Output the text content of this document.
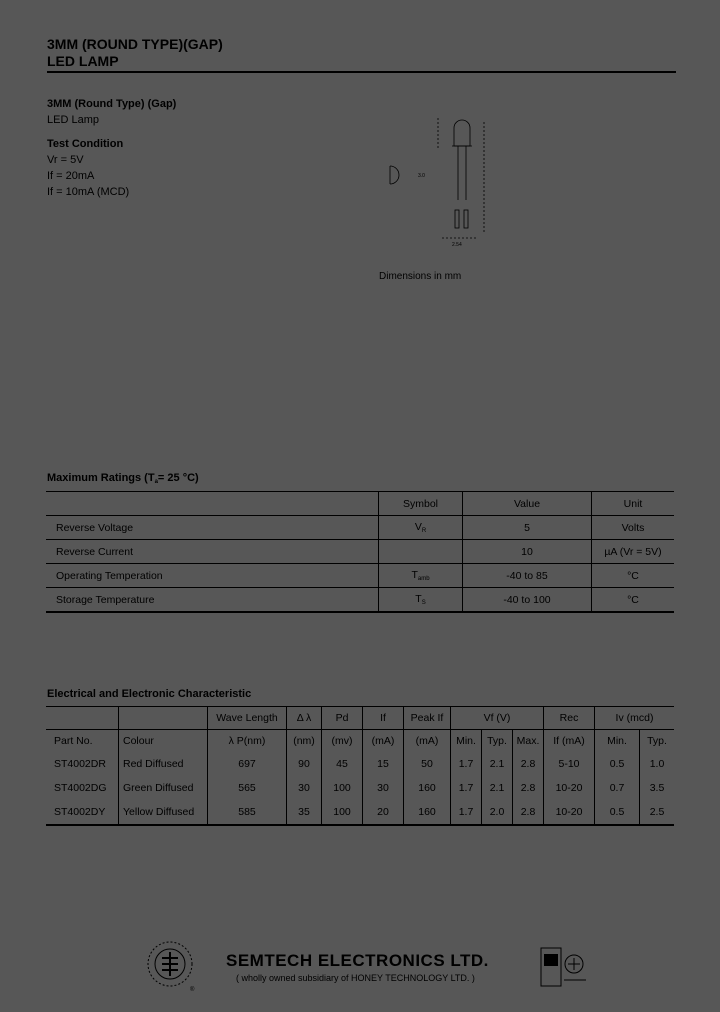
3MM (ROUND TYPE)(GAP)
LED LAMP
3MM (Round Type) (Gap)
LED Lamp
Test Condition
Vr = 5V
If = 20mA
If = 10mA (MCD)
3.0
2.54
Dimensions in mm
Maximum Ratings ($T_a= 25$ °C)
	Symbol	Value	Unit
Reverse Voltage	$V_R$	5	Volts
Reverse Current		10	µA (Vr = 5V)
Operating Temperation	$T_{amb}$	-40 to 85	°C
Storage Temperature	$T_S$	-40 to 100	°C
Electrical and Electronic Characteristic
		Wave Length	Δ λ	Pd	If	Peak If	Vf (V)			Rec	Iv (mcd)	
Part No.	Colour	λ P(nm)	(nm)	(mv)	(mA)	(mA)	Min.	Typ.	Max.	If (mA)	Min.	Typ.
ST4002DR	Red Diffused	697	90	45	15	50	1.7	2.1	2.8	5-10	0.5	1.0
ST4002DG	Green Diffused	565	30	100	30	160	1.7	2.1	2.8	10-20	0.7	3.5
ST4002DY	Yellow Diffused	585	35	100	20	160	1.7	2.0	2.8	10-20	0.5	2.5
®
SEMTECH ELECTRONICS LTD.
( wholly owned subsidiary of HONEY TECHNOLOGY LTD. )
